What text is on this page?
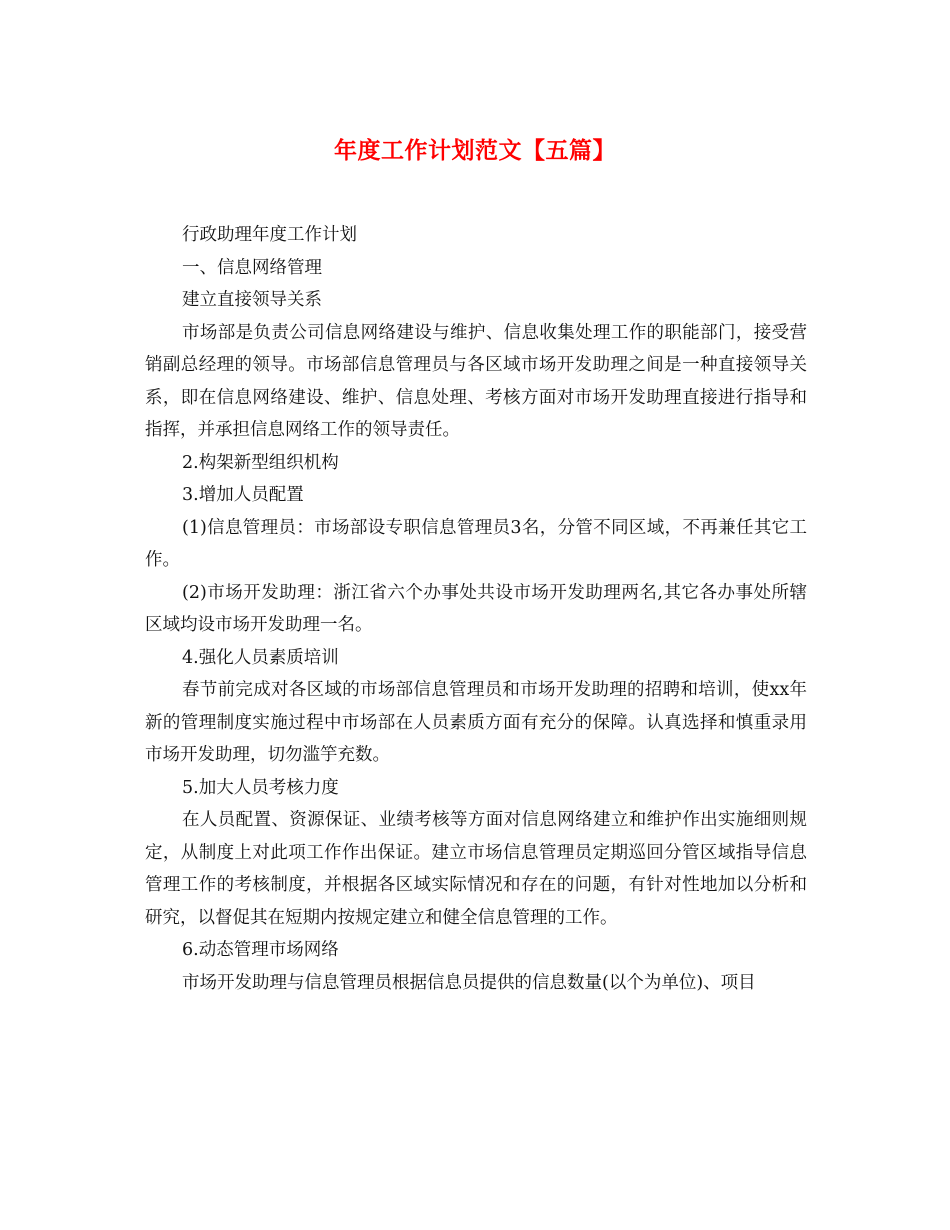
年度工作计划范文【五篇】

行政助理年度工作计划

一、信息网络管理

建立直接领导关系

市场部是负责公司信息网络建设与维护、信息收集处理工作的职能部门，接受营销副总经理的领导。市场部信息管理员与各区域市场开发助理之间是一种直接领导关系，即在信息网络建设、维护、信息处理、考核方面对市场开发助理直接进行指导和指挥，并承担信息网络工作的领导责任。

2.构架新型组织机构

3.增加人员配置

(1)信息管理员：市场部设专职信息管理员3名，分管不同区域，不再兼任其它工作。

(2)市场开发助理：浙江省六个办事处共设市场开发助理两名,其它各办事处所辖区域均设市场开发助理一名。

4.强化人员素质培训

春节前完成对各区域的市场部信息管理员和市场开发助理的招聘和培训，使xx年新的管理制度实施过程中市场部在人员素质方面有充分的保障。认真选择和慎重录用市场开发助理，切勿滥竽充数。

5.加大人员考核力度

在人员配置、资源保证、业绩考核等方面对信息网络建立和维护作出实施细则规定，从制度上对此项工作作出保证。建立市场信息管理员定期巡回分管区域指导信息管理工作的考核制度，并根据各区域实际情况和存在的问题，有针对性地加以分析和研究，以督促其在短期内按规定建立和健全信息管理的工作。

6.动态管理市场网络

市场开发助理与信息管理员根据信息员提供的信息数量(以个为单位)、项目
